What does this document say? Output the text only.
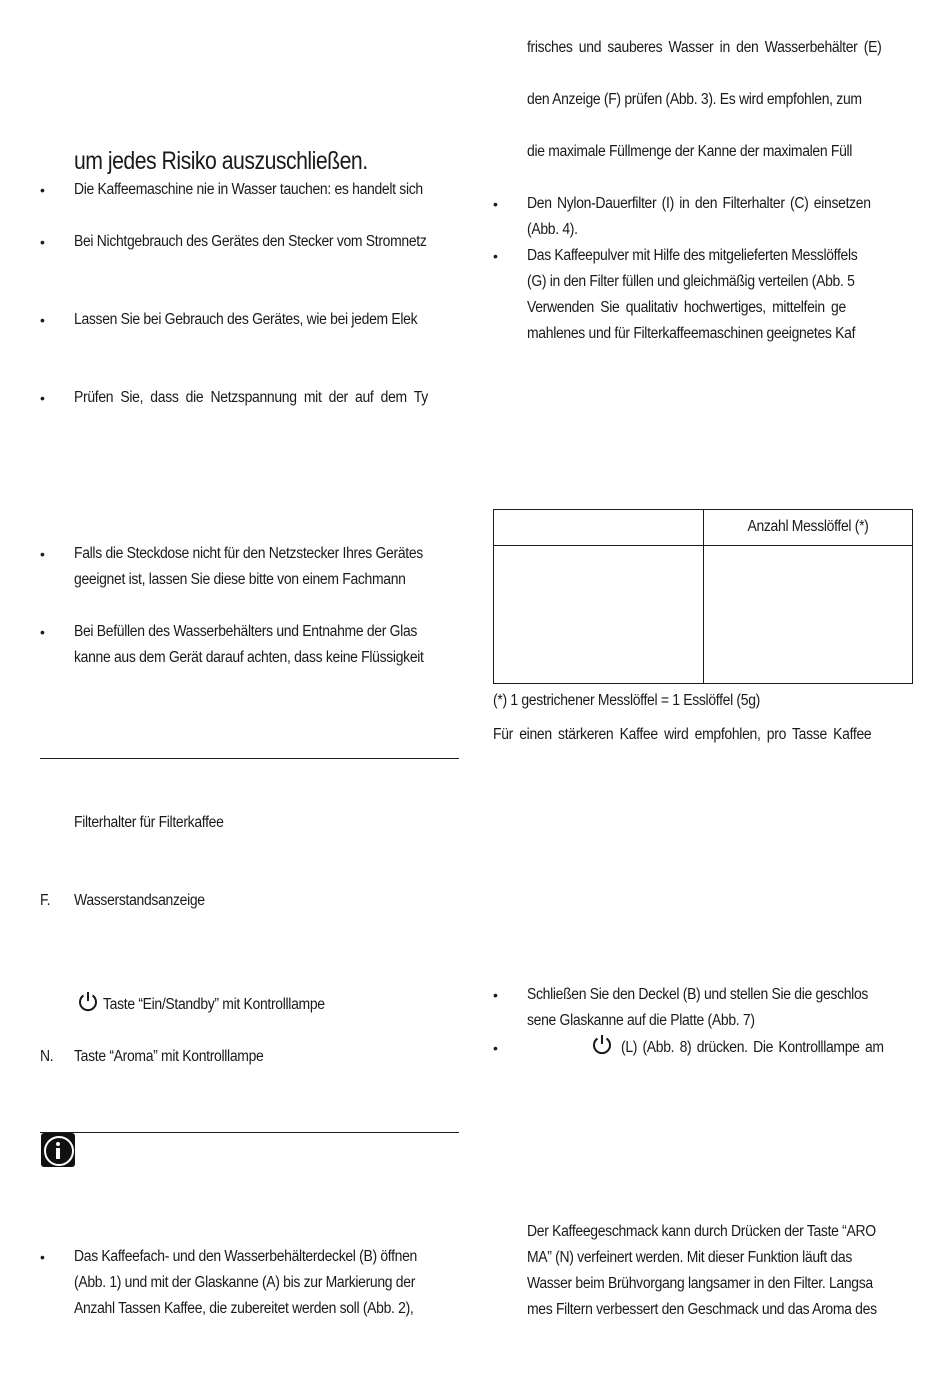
um jedes Risiko auszuschließen.
• Die Kaffeemaschine nie in Wasser tauchen: es handelt sich
• Bei Nichtgebrauch des Gerätes den Stecker vom Stromnetz
• Lassen Sie bei Gebrauch des Gerätes, wie bei jedem Elek
• Prüfen Sie, dass die Netzspannung mit der auf dem Ty
• Falls die Steckdose nicht für den Netzstecker Ihres Gerätes
geeignet ist, lassen Sie diese bitte von einem Fachmann
• Bei Befüllen des Wasserbehälters und Entnahme der Glas
kanne aus dem Gerät darauf achten, dass keine Flüssigkeit
Filterhalter für Filterkaffee
F. Wasserstandsanzeige
Taste “Ein/Standby” mit Kontrolllampe
N. Taste “Aroma” mit Kontrolllampe
• Das Kaffeefach- und den Wasserbehälterdeckel (B) öffnen
(Abb. 1) und mit der Glaskanne (A) bis zur Markierung der
Anzahl Tassen Kaffee, die zubereitet werden soll (Abb. 2),
frisches und sauberes Wasser in den Wasserbehälter (E)
den Anzeige (F) prüfen (Abb. 3). Es wird empfohlen, zum
die maximale Füllmenge der Kanne der maximalen Füll
• Den Nylon-Dauerfilter (I) in den Filterhalter (C) einsetzen
(Abb. 4).
• Das Kaffeepulver mit Hilfe des mitgelieferten Messlöffels
(G) in den Filter füllen und gleichmäßig verteilen (Abb. 5
Verwenden Sie qualitativ hochwertiges, mittelfein ge
mahlenes und für Filterkaffeemaschinen geeignetes Kaf

	Anzahl Messlöffel (*)

(*) 1 gestrichener Messlöffel = 1 Esslöffel (5g)
Für einen stärkeren Kaffee wird empfohlen, pro Tasse Kaffee
• Schließen Sie den Deckel (B) und stellen Sie die geschlos
sene Glaskanne auf die Platte (Abb. 7)
•	(L) (Abb. 8) drücken. Die Kontrolllampe am
Der Kaffeegeschmack kann durch Drücken der Taste “ARO
MA” (N) verfeinert werden. Mit dieser Funktion läuft das
Wasser beim Brühvorgang langsamer in den Filter. Langsa
mes Filtern verbessert den Geschmack und das Aroma des
